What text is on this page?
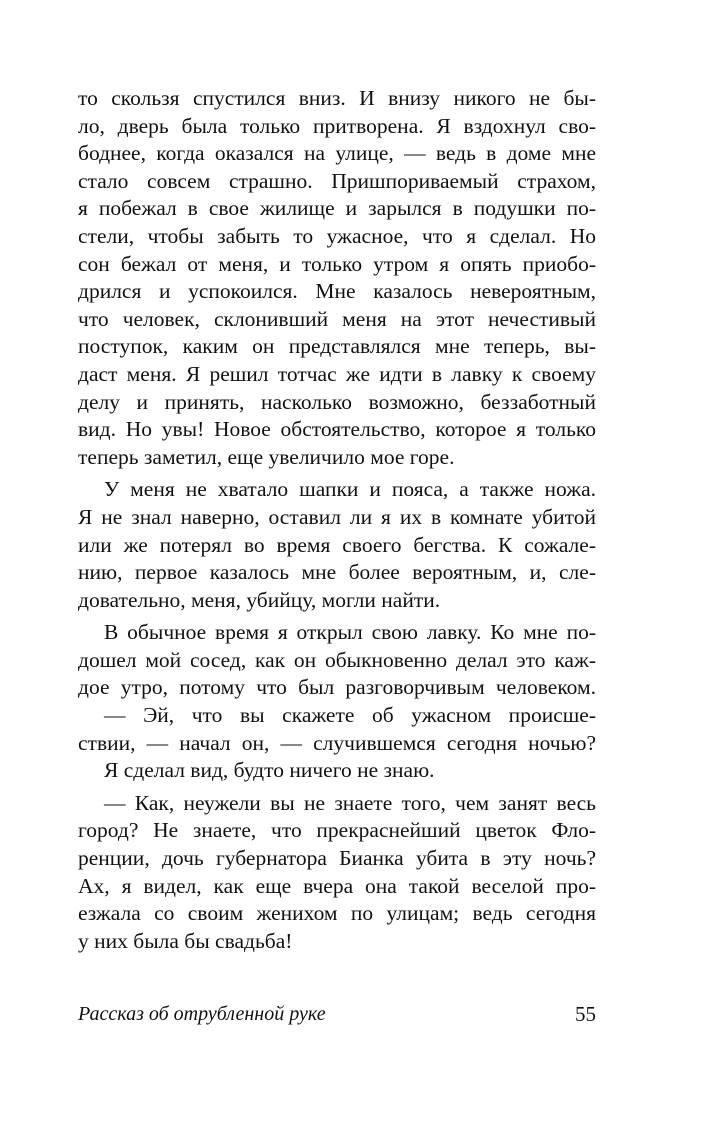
то скользя спустился вниз. И внизу никого не бы-
ло, дверь была только притворена. Я вздохнул сво-
боднее, когда оказался на улице, — ведь в доме мне
стало совсем страшно. Пришпориваемый страхом,
я побежал в свое жилище и зарылся в подушки по-
стели, чтобы забыть то ужасное, что я сделал. Но
сон бежал от меня, и только утром я опять приобо-
дрился и успокоился. Мне казалось невероятным,
что человек, склонивший меня на этот нечестивый
поступок, каким он представлялся мне теперь, вы-
даст меня. Я решил тотчас же идти в лавку к своему
делу и принять, насколько возможно, беззаботный
вид. Но увы! Новое обстоятельство, которое я только
теперь заметил, еще увеличило мое горе.
У меня не хватало шапки и пояса, а также ножа.
Я не знал наверно, оставил ли я их в комнате убитой
или же потерял во время своего бегства. К сожале-
нию, первое казалось мне более вероятным, и, сле-
довательно, меня, убийцу, могли найти.
В обычное время я открыл свою лавку. Ко мне по-
дошел мой сосед, как он обыкновенно делал это каж-
дое утро, потому что был разговорчивым человеком.
— Эй, что вы скажете об ужасном происше-
ствии, — начал он, — случившемся сегодня ночью?
Я сделал вид, будто ничего не знаю.
— Как, неужели вы не знаете того, чем занят весь
город? Не знаете, что прекраснейший цветок Фло-
ренции, дочь губернатора Бианка убита в эту ночь?
Ах, я видел, как еще вчера она такой веселой про-
езжала со своим женихом по улицам; ведь сегодня
у них была бы свадьба!
Рассказ об отрубленной руке	55
